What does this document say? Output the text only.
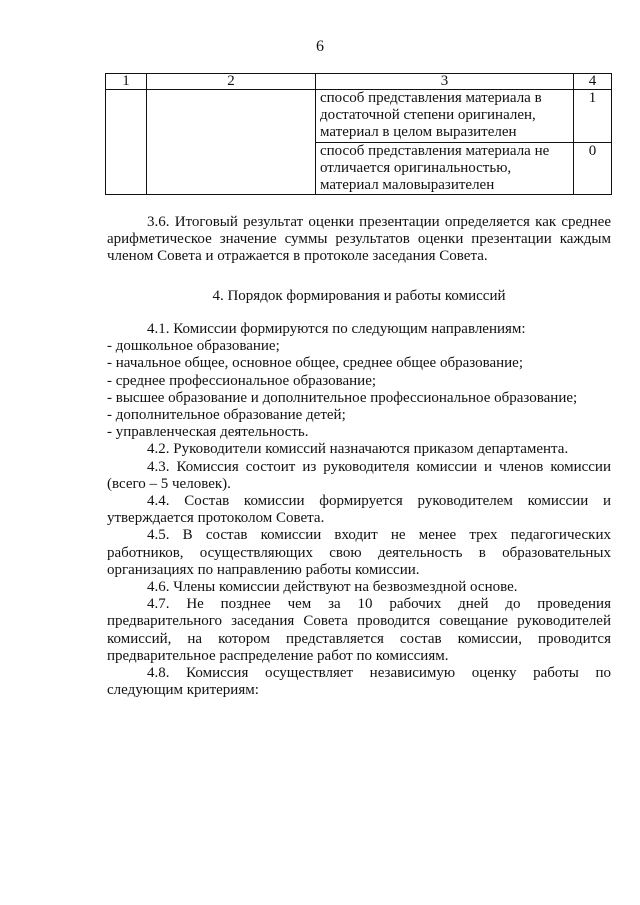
6
1	2	3	4
		способ представления материала в достаточной степени оригинален, материал в целом выразителен	1
		способ представления материала не отличается оригинальностью, материал маловыразителен	0

3.6. Итоговый результат оценки презентации определяется как среднее арифметическое значение суммы результатов оценки презентации каждым членом Совета и отражается в протоколе заседания Совета.

4. Порядок формирования и работы комиссий

4.1. Комиссии формируются по следующим направлениям:

- дошкольное образование;

- начальное общее, основное общее, среднее общее образование;

- среднее профессиональное образование;

- высшее образование и дополнительное профессиональное образование;

- дополнительное образование детей;

- управленческая деятельность.

4.2. Руководители комиссий назначаются приказом департамента.

4.3. Комиссия состоит из руководителя комиссии и членов комиссии (всего – 5 человек).

4.4. Состав комиссии формируется руководителем комиссии и утверждается протоколом Совета.

4.5. В состав комиссии входит не менее трех педагогических работников, осуществляющих свою деятельность в образовательных организациях по направлению работы комиссии.

4.6. Члены комиссии действуют на безвозмездной основе.

4.7. Не позднее чем за 10 рабочих дней до проведения предварительного заседания Совета проводится совещание руководителей комиссий, на котором представляется состав комиссии, проводится предварительное распределение работ по комиссиям.

4.8. Комиссия осуществляет независимую оценку работы по следующим критериям:
